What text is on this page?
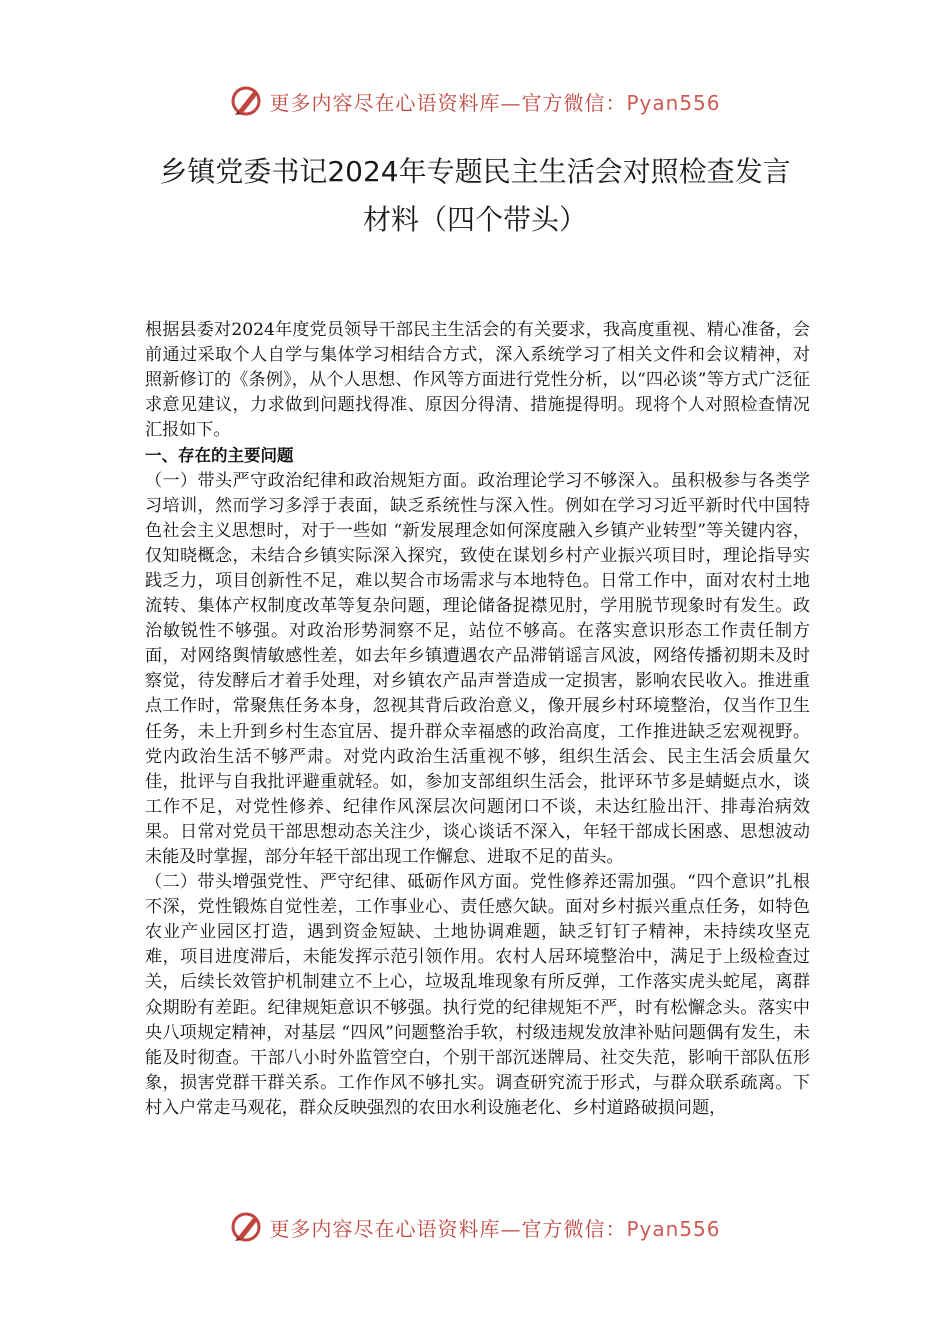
更多内容尽在心语资料库—官方微信：Pyan556
乡镇党委书记2024年专题民主生活会对照检查发言
材料（四个带头）

根据县委对2024年度党员领导干部民主生活会的有关要求，我高度重视、精心准备，会前通过采取个人自学与集体学习相结合方式，深入系统学习了相关文件和会议精神，对照新修订的《条例》，从个人思想、作风等方面进行党性分析，以“四必谈”等方式广泛征求意见建议，力求做到问题找得准、原因分得清、措施提得明。现将个人对照检查情况汇报如下。

一、存在的主要问题

（一）带头严守政治纪律和政治规矩方面。政治理论学习不够深入。虽积极参与各类学习培训，然而学习多浮于表面，缺乏系统性与深入性。例如在学习习近平新时代中国特色社会主义思想时，对于一些如 “新发展理念如何深度融入乡镇产业转型”等关键内容，仅知晓概念，未结合乡镇实际深入探究，致使在谋划乡村产业振兴项目时，理论指导实践乏力，项目创新性不足，难以契合市场需求与本地特色。日常工作中，面对农村土地流转、集体产权制度改革等复杂问题，理论储备捉襟见肘，学用脱节现象时有发生。政治敏锐性不够强。对政治形势洞察不足，站位不够高。在落实意识形态工作责任制方面，对网络舆情敏感性差，如去年乡镇遭遇农产品滞销谣言风波，网络传播初期未及时察觉，待发酵后才着手处理，对乡镇农产品声誉造成一定损害，影响农民收入。推进重点工作时，常聚焦任务本身，忽视其背后政治意义，像开展乡村环境整治，仅当作卫生任务，未上升到乡村生态宜居、提升群众幸福感的政治高度，工作推进缺乏宏观视野。党内政治生活不够严肃。对党内政治生活重视不够，组织生活会、民主生活会质量欠佳，批评与自我批评避重就轻。如，参加支部组织生活会，批评环节多是蜻蜓点水，谈工作不足，对党性修养、纪律作风深层次问题闭口不谈，未达红脸出汗、排毒治病效果。日常对党员干部思想动态关注少，谈心谈话不深入，年轻干部成长困惑、思想波动未能及时掌握，部分年轻干部出现工作懈怠、进取不足的苗头。

（二）带头增强党性、严守纪律、砥砺作风方面。党性修养还需加强。“四个意识”扎根不深，党性锻炼自觉性差，工作事业心、责任感欠缺。面对乡村振兴重点任务，如特色农业产业园区打造，遇到资金短缺、土地协调难题，缺乏钉钉子精神，未持续攻坚克难，项目进度滞后，未能发挥示范引领作用。农村人居环境整治中，满足于上级检查过关，后续长效管护机制建立不上心，垃圾乱堆现象有所反弹，工作落实虎头蛇尾，离群众期盼有差距。纪律规矩意识不够强。执行党的纪律规矩不严，时有松懈念头。落实中央八项规定精神，对基层 “四风”问题整治手软，村级违规发放津补贴问题偶有发生，未能及时彻查。干部八小时外监管空白，个别干部沉迷牌局、社交失范，影响干部队伍形象，损害党群干群关系。工作作风不够扎实。调查研究流于形式，与群众联系疏离。下村入户常走马观花，群众反映强烈的农田水利设施老化、乡村道路破损问题，

更多内容尽在心语资料库—官方微信：Pyan556
